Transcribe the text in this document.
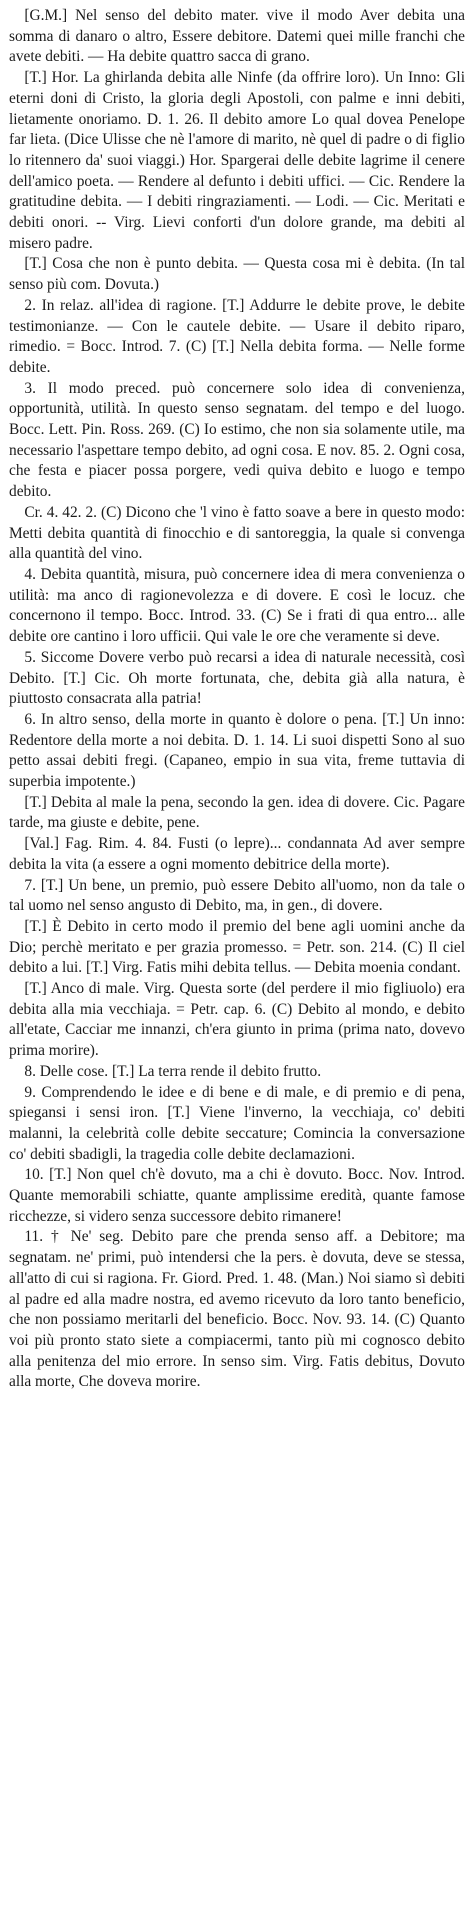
 [G.M.] Nel senso del debito mater. vive il modo Aver debita una somma di danaro o altro, Essere debitore. Datemi quei mille franchi che avete debiti. — Ha debite quattro sacca di grano.

 [T.] Hor. La ghirlanda debita alle Ninfe (da offrire loro). Un Inno: Gli eterni doni di Cristo, la gloria degli Apostoli, con palme e inni debiti, lietamente onoriamo. D. 1. 26. Il debito amore Lo qual dovea Penelope far lieta. (Dice Ulisse che nè l'amore di marito, nè quel di padre o di figlio lo ritennero da' suoi viaggi.) Hor. Spargerai delle debite lagrime il cenere dell'amico poeta. — Rendere al defunto i debiti uffici. — Cic. Rendere la gratitudine debita. — I debiti ringraziamenti. — Lodi. — Cic. Meritati e debiti onori. -- Virg. Lievi conforti d'un dolore grande, ma debiti al misero padre.

 [T.] Cosa che non è punto debita. — Questa cosa mi è debita. (In tal senso più com. Dovuta.)

 2. In relaz. all'idea di ragione. [T.] Addurre le debite prove, le debite testimonianze. — Con le cautele debite. — Usare il debito riparo, rimedio. = Bocc. Introd. 7. (C) [T.] Nella debita forma. — Nelle forme debite.

 3. Il modo preced. può concernere solo idea di convenienza, opportunità, utilità. In questo senso segnatam. del tempo e del luogo. Bocc. Lett. Pin. Ross. 269. (C) Io estimo, che non sia solamente utile, ma necessario l'aspettare tempo debito, ad ogni cosa. E nov. 85. 2. Ogni cosa, che festa e piacer possa porgere, vedi quiva debito e luogo e tempo debito.

 Cr. 4. 42. 2. (C) Dicono che 'l vino è fatto soave a bere in questo modo: Metti debita quantità di finocchio e di santoreggia, la quale si convenga alla quantità del vino.

 4. Debita quantità, misura, può concernere idea di mera convenienza o utilità: ma anco di ragionevolezza e di dovere. E così le locuz. che concernono il tempo. Bocc. Introd. 33. (C) Se i frati di qua entro... alle debite ore cantino i loro ufficii. Qui vale le ore che veramente si deve.

 5. Siccome Dovere verbo può recarsi a idea di naturale necessità, così Debito. [T.] Cic. Oh morte fortunata, che, debita già alla natura, è piuttosto consacrata alla patria!

 6. In altro senso, della morte in quanto è dolore o pena. [T.] Un inno: Redentore della morte a noi debita. D. 1. 14. Li suoi dispetti Sono al suo petto assai debiti fregi. (Capaneo, empio in sua vita, freme tuttavia di superbia impotente.)

 [T.] Debita al male la pena, secondo la gen. idea di dovere. Cic. Pagare tarde, ma giuste e debite, pene.

 [Val.] Fag. Rim. 4. 84. Fusti (o lepre)... condannata Ad aver sempre debita la vita (a essere a ogni momento debitrice della morte).

 7. [T.] Un bene, un premio, può essere Debito all'uomo, non da tale o tal uomo nel senso angusto di Debito, ma, in gen., di dovere.

 [T.] È Debito in certo modo il premio del bene agli uomini anche da Dio; perchè meritato e per grazia promesso. = Petr. son. 214. (C) Il ciel debito a lui. [T.] Virg. Fatis mihi debita tellus. — Debita moenia condant.

 [T.] Anco di male. Virg. Questa sorte (del perdere il mio figliuolo) era debita alla mia vecchiaja. = Petr. cap. 6. (C) Debito al mondo, e debito all'etate, Cacciar me innanzi, ch'era giunto in prima (prima nato, dovevo prima morire).

 8. Delle cose. [T.] La terra rende il debito frutto.

 9. Comprendendo le idee e di bene e di male, e di premio e di pena, spiegansi i sensi iron. [T.] Viene l'inverno, la vecchiaja, co' debiti malanni, la celebrità colle debite seccature; Comincia la conversazione co' debiti sbadigli, la tragedia colle debite declamazioni.

 10. [T.] Non quel ch'è dovuto, ma a chi è dovuto. Bocc. Nov. Introd. Quante memorabili schiatte, quante amplissime eredità, quante famose ricchezze, si videro senza successore debito rimanere!

 11. † Ne' seg. Debito pare che prenda senso aff. a Debitore; ma segnatam. ne' primi, può intendersi che la pers. è dovuta, deve se stessa, all'atto di cui si ragiona. Fr. Giord. Pred. 1. 48. (Man.) Noi siamo sì debiti al padre ed alla madre nostra, ed avemo ricevuto da loro tanto beneficio, che non possiamo meritarli del beneficio. Bocc. Nov. 93. 14. (C) Quanto voi più pronto stato siete a compiacermi, tanto più mi cognosco debito alla penitenza del mio errore. In senso sim. Virg. Fatis debitus, Dovuto alla morte, Che doveva morire.
